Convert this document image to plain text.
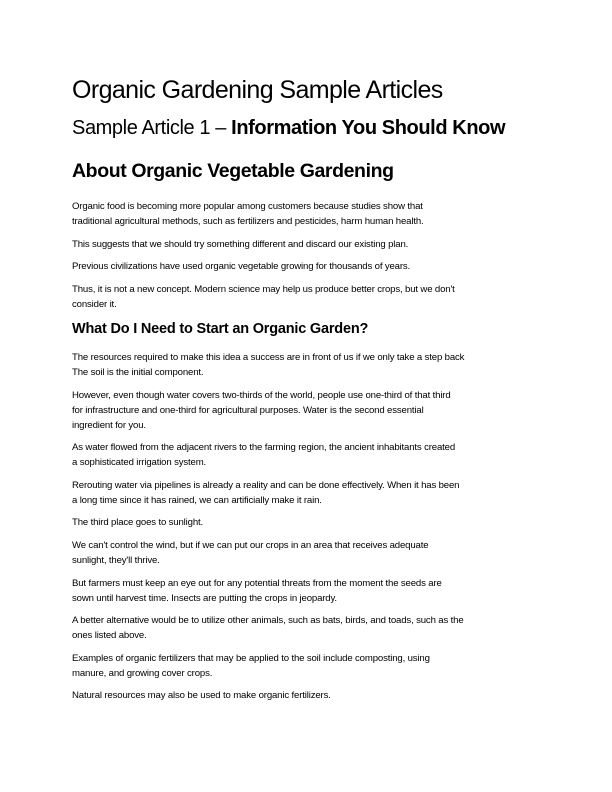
Organic Gardening Sample Articles
Sample Article 1 – Information You Should Know
About Organic Vegetable Gardening

Organic food is becoming more popular among customers because studies show that
traditional agricultural methods, such as fertilizers and pesticides, harm human health.

This suggests that we should try something different and discard our existing plan.

Previous civilizations have used organic vegetable growing for thousands of years.

Thus, it is not a new concept. Modern science may help us produce better crops, but we don't
consider it.

What Do I Need to Start an Organic Garden?

The resources required to make this idea a success are in front of us if we only take a step back
The soil is the initial component.

However, even though water covers two-thirds of the world, people use one-third of that third
for infrastructure and one-third for agricultural purposes. Water is the second essential
ingredient for you.

As water flowed from the adjacent rivers to the farming region, the ancient inhabitants created
a sophisticated irrigation system.

Rerouting water via pipelines is already a reality and can be done effectively. When it has been
a long time since it has rained, we can artificially make it rain.

The third place goes to sunlight.

We can't control the wind, but if we can put our crops in an area that receives adequate
sunlight, they'll thrive.

But farmers must keep an eye out for any potential threats from the moment the seeds are
sown until harvest time. Insects are putting the crops in jeopardy.

A better alternative would be to utilize other animals, such as bats, birds, and toads, such as the
ones listed above.

Examples of organic fertilizers that may be applied to the soil include composting, using
manure, and growing cover crops.

Natural resources may also be used to make organic fertilizers.
